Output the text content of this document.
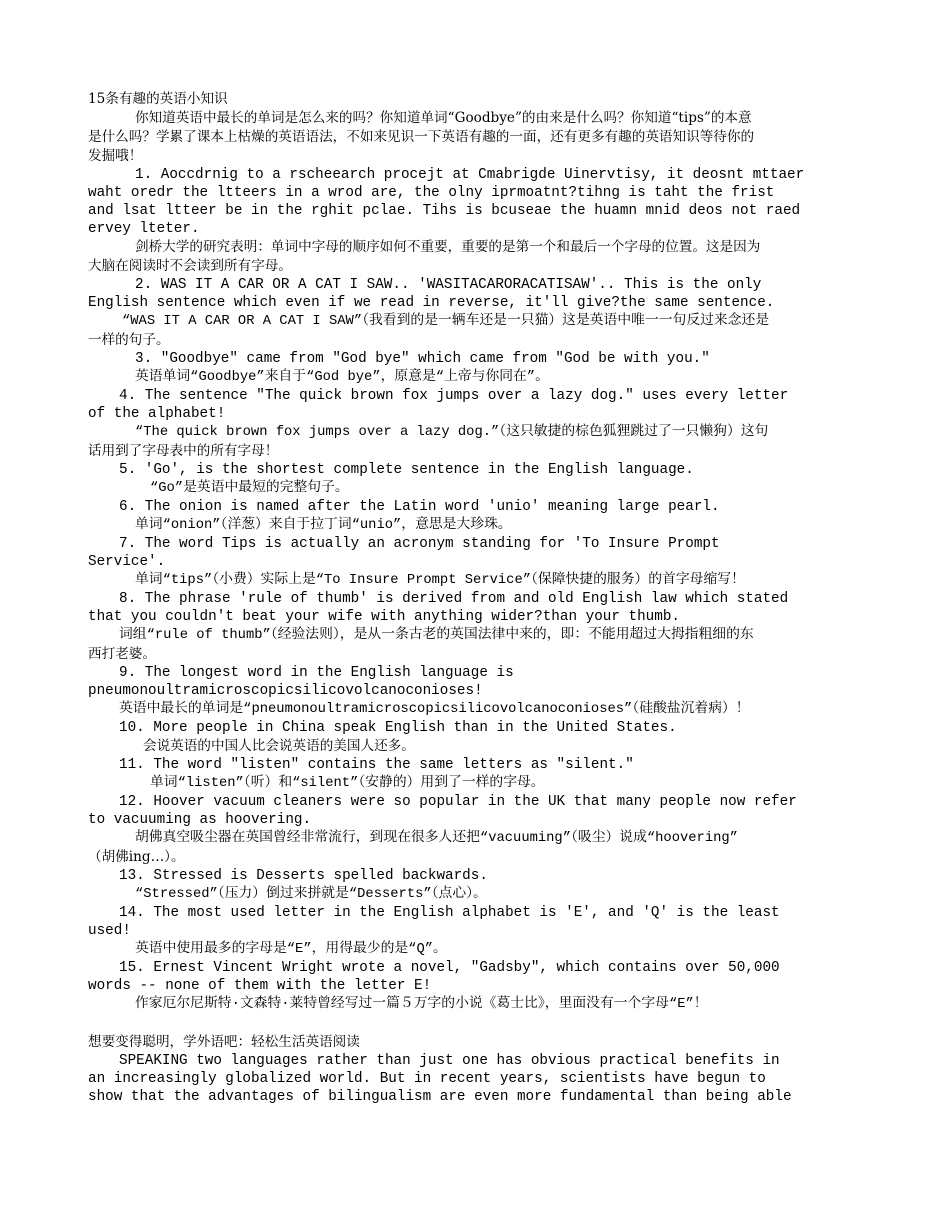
15条有趣的英语小知识
你知道英语中最长的单词是怎么来的吗？你知道单词“Goodbye”的由来是什么吗？你知道“tips”的本意
是什么吗？学累了课本上枯燥的英语语法，不如来见识一下英语有趣的一面，还有更多有趣的英语知识等待你的
发掘哦！
1. Aoccdrnig to a rscheearch procejt at Cmabrigde Uinervtisy, it deosnt mttaer
waht oredr the ltteers in a wrod are, the olny iprmoatnt?tihng is taht the frist
and lsat ltteer be in the rghit pclae. Tihs is bcuseae the huamn mnid deos not raed
ervey lteter.
剑桥大学的研究表明：单词中字母的顺序如何不重要，重要的是第一个和最后一个字母的位置。这是因为
大脑在阅读时不会读到所有字母。
2. WAS IT A CAR OR A CAT I SAW.. 'WASITACARORACATISAW'.. This is the only
English sentence which even if we read in reverse, it'll give?the same sentence.
“WAS IT A CAR OR A CAT I SAW”（我看到的是一辆车还是一只猫）这是英语中唯一一句反过来念还是
一样的句子。
3. "Goodbye" came from "God bye" which came from "God be with you."
英语单词“Goodbye”来自于“God bye”，原意是“上帝与你同在”。
4. The sentence "The quick brown fox jumps over a lazy dog." uses every letter
of the alphabet!
“The quick brown fox jumps over a lazy dog.”（这只敏捷的棕色狐狸跳过了一只懒狗）这句
话用到了字母表中的所有字母！
5. 'Go', is the shortest complete sentence in the English language.
“Go”是英语中最短的完整句子。
6. The onion is named after the Latin word 'unio' meaning large pearl.
单词“onion”（洋葱）来自于拉丁词“unio”，意思是大珍珠。
7. The word Tips is actually an acronym standing for 'To Insure Prompt
Service'.
单词“tips”（小费）实际上是“To Insure Prompt Service”（保障快捷的服务）的首字母缩写！
8. The phrase 'rule of thumb' is derived from and old English law which stated
that you couldn't beat your wife with anything wider?than your thumb.
词组“rule of thumb”（经验法则），是从一条古老的英国法律中来的，即：不能用超过大拇指粗细的东
西打老婆。
9. The longest word in the English language is
pneumonoultramicroscopicsilicovolcanoconioses!
英语中最长的单词是“pneumonoultramicroscopicsilicovolcanoconioses”（硅酸盐沉着病）！
10. More people in China speak English than in the United States.
会说英语的中国人比会说英语的美国人还多。
11. The word "listen" contains the same letters as "silent."
单词“listen”（听）和“silent”（安静的）用到了一样的字母。
12. Hoover vacuum cleaners were so popular in the UK that many people now refer
to vacuuming as hoovering.
胡佛真空吸尘器在英国曾经非常流行，到现在很多人还把“vacuuming”（吸尘）说成“hoovering”
（胡佛ing…）。
13. Stressed is Desserts spelled backwards.
“Stressed”（压力）倒过来拼就是“Desserts”（点心）。
14. The most used letter in the English alphabet is 'E', and 'Q' is the least
used!
英语中使用最多的字母是“E”，用得最少的是“Q”。
15. Ernest Vincent Wright wrote a novel, "Gadsby", which contains over 50,000
words -- none of them with the letter E!
作家厄尔尼斯特·文森特·莱特曾经写过一篇５万字的小说《葛士比》，里面没有一个字母“E”！
想要变得聪明，学外语吧：轻松生活英语阅读
SPEAKING two languages rather than just one has obvious practical benefits in
an increasingly globalized world. But in recent years, scientists have begun to
show that the advantages of bilingualism are even more fundamental than being able
